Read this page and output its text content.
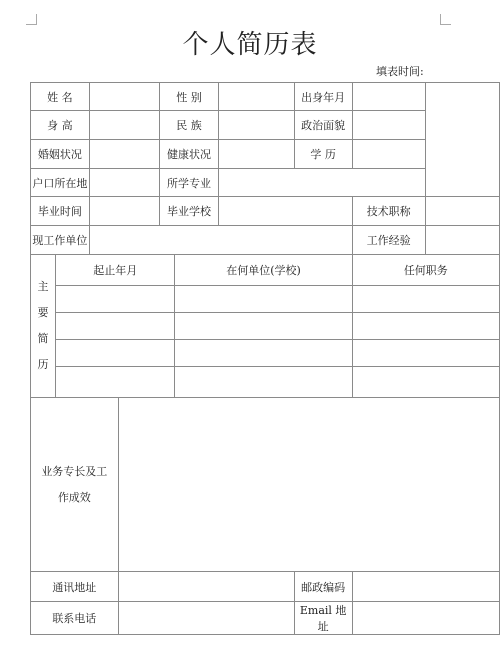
个人简历表
填表时间:
姓 名				性 别			出身年月		
身 高				民 族			政治面貌		
婚姻状况				健康状况			学 历		
户口所在地				所学专业					
毕业时间				毕业学校				技术职称	
现工作单位								工作经验	

主
要
简
历	起止年月				在何单位(学校)			任何职务	

业务专长及工
作成效									

通讯地址							邮政编码		
联系电话							Email 地址		
